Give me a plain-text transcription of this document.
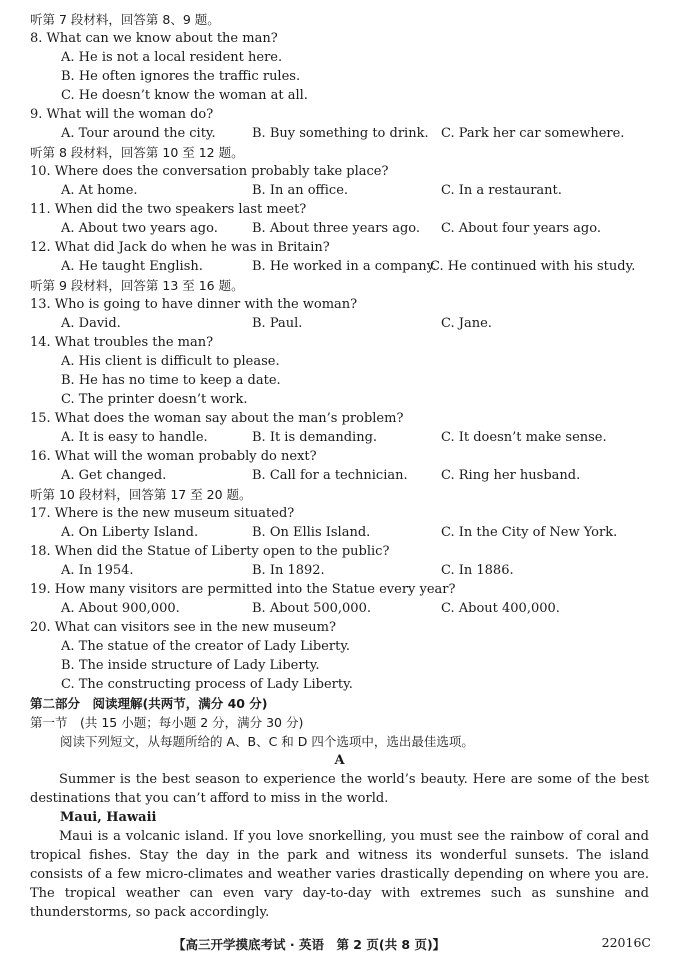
听第 7 段材料，回答第 8、9 题。
8. What can we know about the man?
A. He is not a local resident here.
B. He often ignores the traffic rules.
C. He doesn’t know the woman at all.
9. What will the woman do?

A. Tour around the city.

	B. Buy something to drink.

C. Park her car somewhere.

听第 8 段材料，回答第 10 至 12 题。
10. Where does the conversation probably take place?

A. At home.

	B. In an office.

	C. In a restaurant.

11. When did the two speakers last meet?

A. About two years ago.

	B. About three years ago.

C. About four years ago.

12. What did Jack do when he was in Britain?

A. He taught English.

	B. He worked in a company.

C. He continued with his study.

听第 9 段材料，回答第 13 至 16 题。
13. Who is going to have dinner with the woman?

A. David.

	B. Paul.

	C. Jane.

14. What troubles the man?
A. His client is difficult to please.
B. He has no time to keep a date.
C. The printer doesn’t work.
15. What does the woman say about the man’s problem?

A. It is easy to handle.

	B. It is demanding.

	C. It doesn’t make sense.

16. What will the woman probably do next?

A. Get changed.

	B. Call for a technician.

	C. Ring her husband.

听第 10 段材料，回答第 17 至 20 题。
17. Where is the new museum situated?

A. On Liberty Island.

	B. On Ellis Island.

	C. In the City of New York.

18. When did the Statue of Liberty open to the public?

A. In 1954.

	B. In 1892.

	C. In 1886.

19. How many visitors are permitted into the Statue every year?

A. About 900,000.

	B. About 500,000.

	C. About 400,000.

20. What can visitors see in the new museum?
A. The statue of the creator of Lady Liberty.
B. The inside structure of Lady Liberty.
C. The constructing process of Lady Liberty.
第二部分　阅读理解(共两节，满分 40 分)
第一节　(共 15 小题；每小题 2 分，满分 30 分)
阅读下列短文，从每题所给的 A、B、C 和 D 四个选项中，选出最佳选项。
A
Summer is the best season to experience the world’s beauty. Here are some of the best destinations that you can’t afford to miss in the world.
Maui, Hawaii
Maui is a volcanic island. If you love snorkelling, you must see the rainbow of coral and tropical fishes. Stay the day in the park and witness its wonderful sunsets. The island consists of a few micro-climates and weather varies drastically depending on where you are. The tropical weather can even vary day-to-day with extremes such as sunshine and thunderstorms, so pack accordingly.
【高三开学摸底考试 · 英语　第 2 页(共 8 页)】	22016C
